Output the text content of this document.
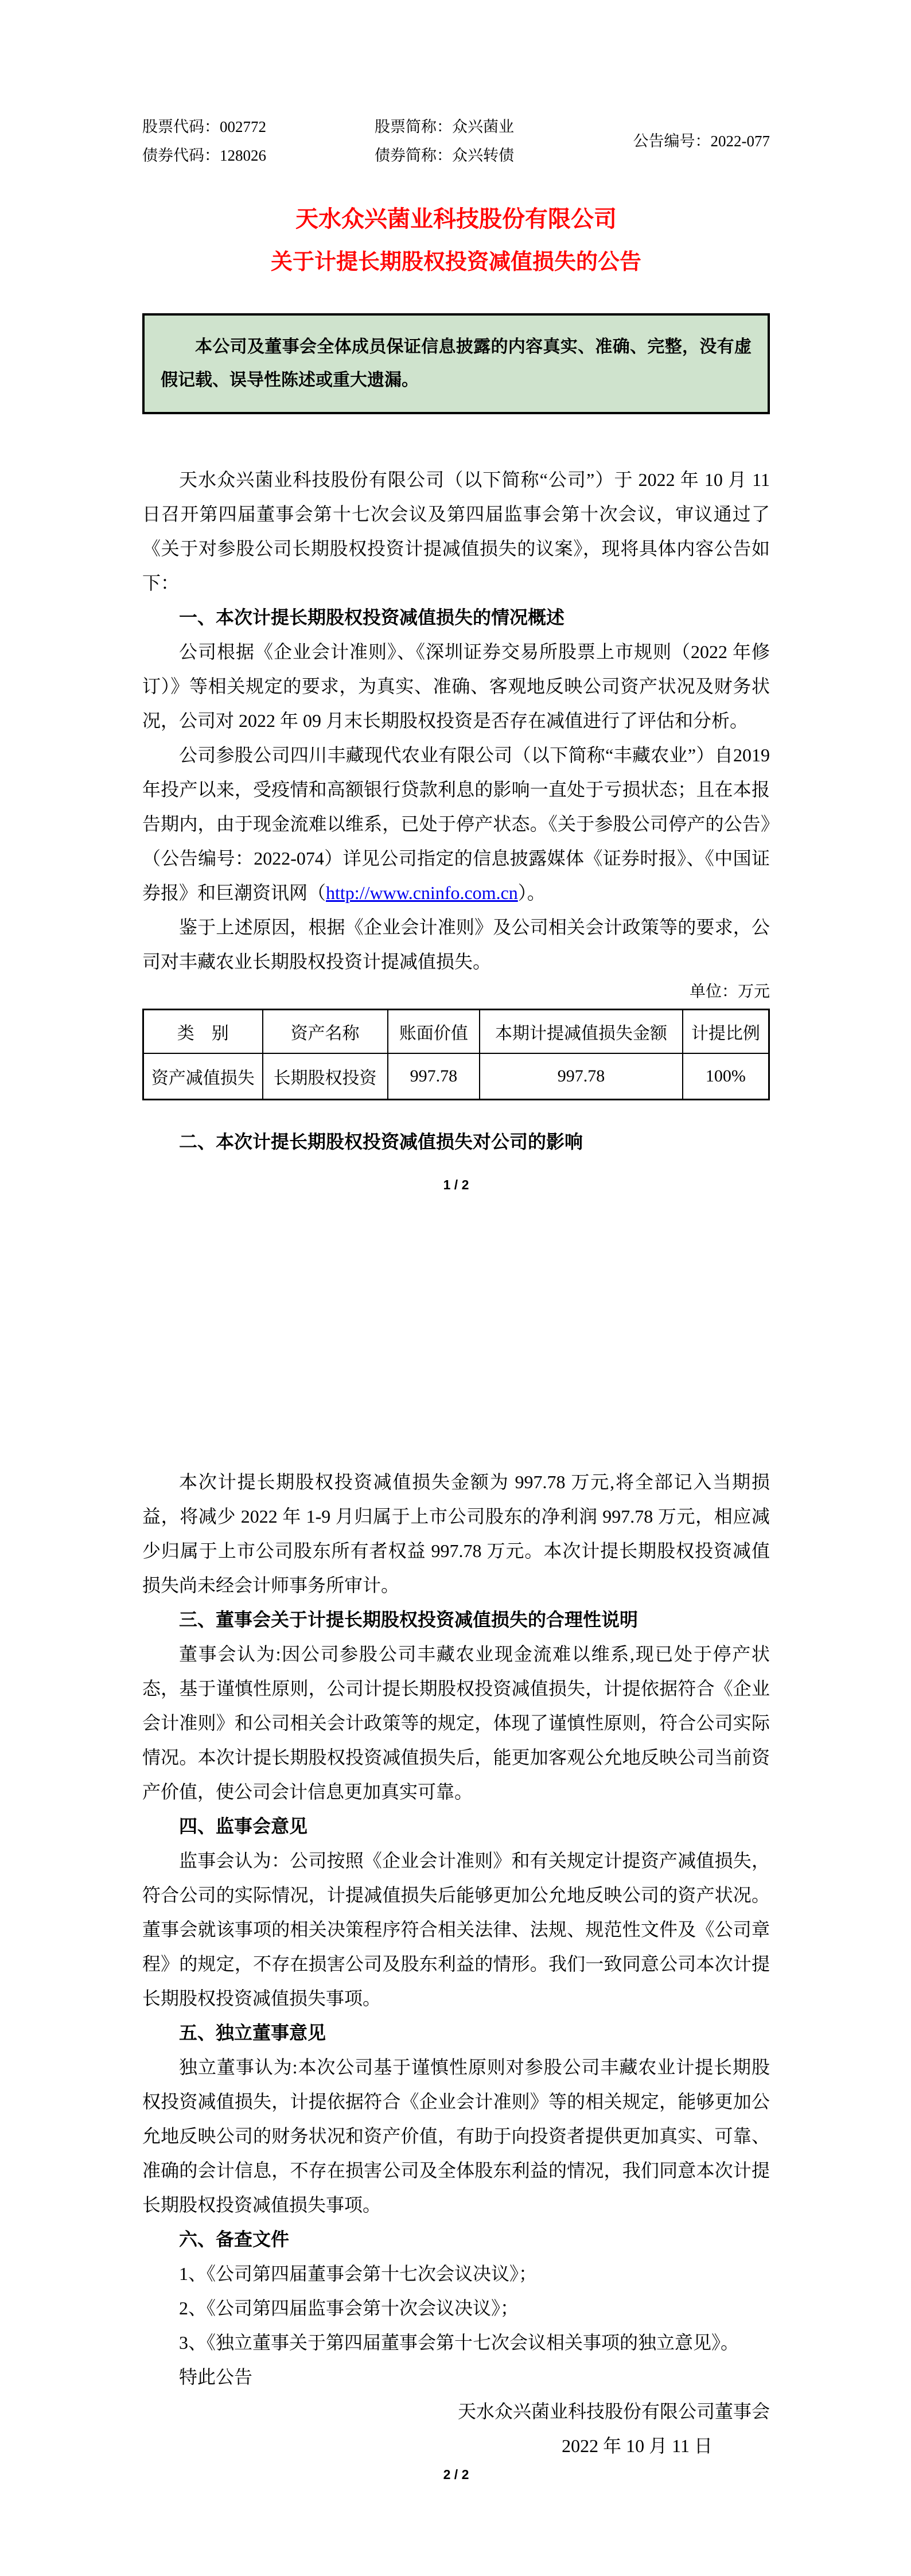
股票代码：002772	股票简称：众兴菌业
债券代码：128026	债券简称：众兴转债
公告编号：2022-077
天水众兴菌业科技股份有限公司
关于计提长期股权投资减值损失的公告
本公司及董事会全体成员保证信息披露的内容真实、准确、完整，没有虚假记载、误导性陈述或重大遗漏。
天水众兴菌业科技股份有限公司（以下简称“公司”）于 2022 年 10 月 11 日召开第四届董事会第十七次会议及第四届监事会第十次会议，审议通过了《关于对参股公司长期股权投资计提减值损失的议案》，现将具体内容公告如下：
一、本次计提长期股权投资减值损失的情况概述
公司根据《企业会计准则》、《深圳证券交易所股票上市规则（2022 年修订）》等相关规定的要求，为真实、准确、客观地反映公司资产状况及财务状况，公司对 2022 年 09 月末长期股权投资是否存在减值进行了评估和分析。
公司参股公司四川丰藏现代农业有限公司（以下简称“丰藏农业”）自2019年投产以来，受疫情和高额银行贷款利息的影响一直处于亏损状态；且在本报告期内，由于现金流难以维系，已处于停产状态。《关于参股公司停产的公告》（公告编号：2022-074）详见公司指定的信息披露媒体《证券时报》、《中国证券报》和巨潮资讯网（http://www.cninfo.com.cn）。
鉴于上述原因，根据《企业会计准则》及公司相关会计政策等的要求，公司对丰藏农业长期股权投资计提减值损失。
单位：万元
类　别	资产名称	账面价值	本期计提减值损失金额	计提比例
资产减值损失	长期股权投资	997.78	997.78	100%
二、本次计提长期股权投资减值损失对公司的影响
1 / 2
本次计提长期股权投资减值损失金额为 997.78 万元,将全部记入当期损益，将减少 2022 年 1-9 月归属于上市公司股东的净利润 997.78 万元，相应减少归属于上市公司股东所有者权益 997.78 万元。本次计提长期股权投资减值损失尚未经会计师事务所审计。
三、董事会关于计提长期股权投资减值损失的合理性说明
董事会认为:因公司参股公司丰藏农业现金流难以维系,现已处于停产状态，基于谨慎性原则，公司计提长期股权投资减值损失，计提依据符合《企业会计准则》和公司相关会计政策等的规定，体现了谨慎性原则，符合公司实际情况。本次计提长期股权投资减值损失后，能更加客观公允地反映公司当前资产价值，使公司会计信息更加真实可靠。
四、监事会意见
监事会认为：公司按照《企业会计准则》和有关规定计提资产减值损失，符合公司的实际情况，计提减值损失后能够更加公允地反映公司的资产状况。董事会就该事项的相关决策程序符合相关法律、法规、规范性文件及《公司章程》的规定，不存在损害公司及股东利益的情形。我们一致同意公司本次计提长期股权投资减值损失事项。
五、独立董事意见
独立董事认为:本次公司基于谨慎性原则对参股公司丰藏农业计提长期股权投资减值损失，计提依据符合《企业会计准则》等的相关规定，能够更加公允地反映公司的财务状况和资产价值，有助于向投资者提供更加真实、可靠、准确的会计信息，不存在损害公司及全体股东利益的情况，我们同意本次计提长期股权投资减值损失事项。
六、备查文件
1、《公司第四届董事会第十七次会议决议》；
2、《公司第四届监事会第十次会议决议》；
3、《独立董事关于第四届董事会第十七次会议相关事项的独立意见》。
特此公告
天水众兴菌业科技股份有限公司董事会
2022 年 10 月 11 日
2 / 2
